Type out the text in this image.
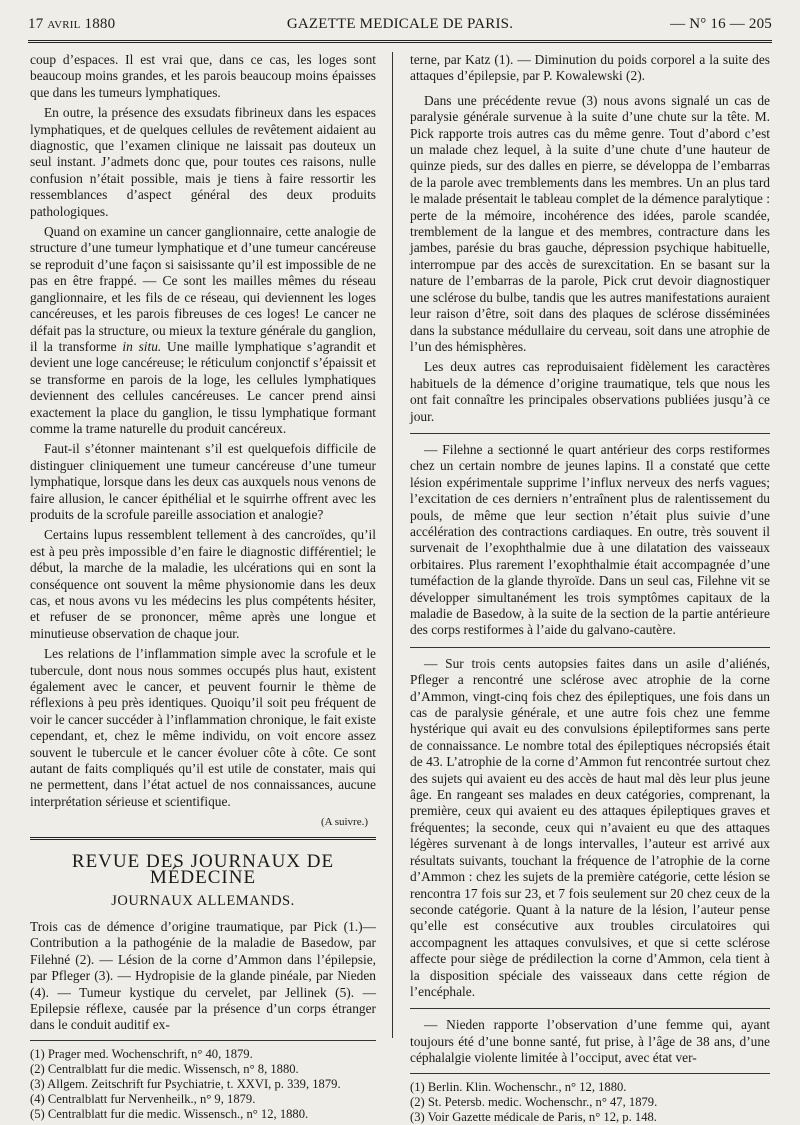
17 avril 1880	GAZETTE MEDICALE DE PARIS.	— N° 16 — 205

coup d’espaces. Il est vrai que, dans ce cas, les loges sont beaucoup moins grandes, et les parois beaucoup moins épaisses que dans les tumeurs lymphatiques.

En outre, la présence des exsudats fibrineux dans les espaces lymphatiques, et de quelques cellules de revêtement aidaient au diagnostic, que l’examen clinique ne laissait pas douteux un seul instant. J’admets donc que, pour toutes ces raisons, nulle confusion n’était possible, mais je tiens à faire ressortir les ressemblances d’aspect général des deux produits pathologiques.

Quand on examine un cancer ganglionnaire, cette analogie de structure d’une tumeur lymphatique et d’une tumeur cancéreuse se reproduit d’une façon si saisissante qu’il est impossible de ne pas en être frappé. — Ce sont les mailles mêmes du réseau ganglionnaire, et les fils de ce réseau, qui deviennent les loges cancéreuses, et les parois fibreuses de ces loges! Le cancer ne défait pas la structure, ou mieux la texture générale du ganglion, il la transforme in situ. Une maille lymphatique s’agrandit et devient une loge cancéreuse; le réticulum conjonctif s’épaissit et se transforme en parois de la loge, les cellules lymphatiques deviennent des cellules cancéreuses. Le cancer prend ainsi exactement la place du ganglion, le tissu lymphatique formant comme la trame naturelle du produit cancéreux.

Faut-il s’étonner maintenant s’il est quelquefois difficile de distinguer cliniquement une tumeur cancéreuse d’une tumeur lymphatique, lorsque dans les deux cas auxquels nous venons de faire allusion, le cancer épithélial et le squirrhe offrent avec les produits de la scrofule pareille association et analogie?

Certains lupus ressemblent tellement à des cancroïdes, qu’il est à peu près impossible d’en faire le diagnostic différentiel; le début, la marche de la maladie, les ulcérations qui en sont la conséquence ont souvent la même physionomie dans les deux cas, et nous avons vu les médecins les plus compétents hésiter, et refuser de se prononcer, même après une longue et minutieuse observation de chaque jour.

Les relations de l’inflammation simple avec la scrofule et le tubercule, dont nous nous sommes occupés plus haut, existent également avec le cancer, et peuvent fournir le thème de réflexions à peu près identiques. Quoiqu’il soit peu fréquent de voir le cancer succéder à l’inflammation chronique, le fait existe cependant, et, chez le même individu, on voit encore assez souvent le tubercule et le cancer évoluer côte à côte. Ce sont autant de faits compliqués qu’il est utile de constater, mais qui ne permettent, dans l’état actuel de nos connaissances, aucune interprétation sérieuse et scientifique.

(A suivre.)
REVUE DES JOURNAUX DE MÉDECINE
JOURNAUX ALLEMANDS.

Trois cas de démence d’origine traumatique, par Pick (1.)— Contribution a la pathogénie de la maladie de Basedow, par Filehné (2). — Lésion de la corne d’Ammon dans l’épilepsie, par Pfleger (3). — Hydropisie de la glande pinéale, par Nieden (4). — Tumeur kystique du cervelet, par Jellinek (5). — Epilepsie réflexe, causée par la présence d’un corps étranger dans le conduit auditif ex-

(1) Prager med. Wochenschrift, n° 40, 1879.

(2) Centralblatt fur die medic. Wissensch, n° 8, 1880.

(3) Allgem. Zeitschrift fur Psychiatrie, t. XXVI, p. 339, 1879.

(4) Centralblatt fur Nervenheilk., n° 9, 1879.

(5) Centralblatt fur die medic. Wissensch., n° 12, 1880.

terne, par Katz (1). — Diminution du poids corporel a la suite des attaques d’épilepsie, par P. Kowalewski (2).

Dans une précédente revue (3) nous avons signalé un cas de paralysie générale survenue à la suite d’une chute sur la tête. M. Pick rapporte trois autres cas du même genre. Tout d’abord c’est un malade chez lequel, à la suite d’une chute d’une hauteur de quinze pieds, sur des dalles en pierre, se développa de l’embarras de la parole avec tremblements dans les membres. Un an plus tard le malade présentait le tableau complet de la démence paralytique : perte de la mémoire, incohérence des idées, parole scandée, tremblement de la langue et des membres, contracture dans les jambes, parésie du bras gauche, dépression psychique habituelle, interrompue par des accès de surexcitation. En se basant sur la nature de l’embarras de la parole, Pick crut devoir diagnostiquer une sclérose du bulbe, tandis que les autres manifestations auraient leur raison d’être, soit dans des plaques de sclérose disséminées dans la substance médullaire du cerveau, soit dans une atrophie de l’un des hémisphères.

Les deux autres cas reproduisaient fidèlement les caractères habituels de la démence d’origine traumatique, tels que nous les ont fait connaître les principales observations publiées jusqu’à ce jour.

— Filehne a sectionné le quart antérieur des corps restiformes chez un certain nombre de jeunes lapins. Il a constaté que cette lésion expérimentale supprime l’influx nerveux des nerfs vagues; l’excitation de ces derniers n’entraînent plus de ralentissement du pouls, de même que leur section n’était plus suivie d’une accélération des contractions cardiaques. En outre, très souvent il survenait de l’exophthalmie due à une dilatation des vaisseaux orbitaires. Plus rarement l’exophthalmie était accompagnée d’une tuméfaction de la glande thyroïde. Dans un seul cas, Filehne vit se développer simultanément les trois symptômes capitaux de la maladie de Basedow, à la suite de la section de la partie antérieure des corps restiformes à l’aide du galvano-cautère.

— Sur trois cents autopsies faites dans un asile d’aliénés, Pfleger a rencontré une sclérose avec atrophie de la corne d’Ammon, vingt-cinq fois chez des épileptiques, une fois dans un cas de paralysie générale, et une autre fois chez une femme hystérique qui avait eu des convulsions épileptiformes sans perte de connaissance. Le nombre total des épileptiques nécropsiés était de 43. L’atrophie de la corne d’Ammon fut rencontrée surtout chez des sujets qui avaient eu des accès de haut mal dès leur plus jeune âge. En rangeant ses malades en deux catégories, comprenant, la première, ceux qui avaient eu des attaques épileptiques graves et fréquentes; la seconde, ceux qui n’avaient eu que des attaques légères survenant à de longs intervalles, l’auteur est arrivé aux résultats suivants, touchant la fréquence de l’atrophie de la corne d’Ammon : chez les sujets de la première catégorie, cette lésion se rencontra 17 fois sur 23, et 7 fois seulement sur 20 chez ceux de la seconde catégorie. Quant à la nature de la lésion, l’auteur pense qu’elle est consécutive aux troubles circulatoires qui accompagnent les attaques convulsives, et que si cette sclérose affecte pour siège de prédilection la corne d’Ammon, cela tient à la disposition spéciale des vaisseaux dans cette région de l’encéphale.

— Nieden rapporte l’observation d’une femme qui, ayant toujours été d’une bonne santé, fut prise, à l’âge de 38 ans, d’une céphalalgie violente limitée à l’occiput, avec état ver-

(1) Berlin. Klin. Wochenschr., n° 12, 1880.

(2) St. Petersb. medic. Wochenschr., n° 47, 1879.

(3) Voir Gazette médicale de Paris, n° 12, p. 148.
